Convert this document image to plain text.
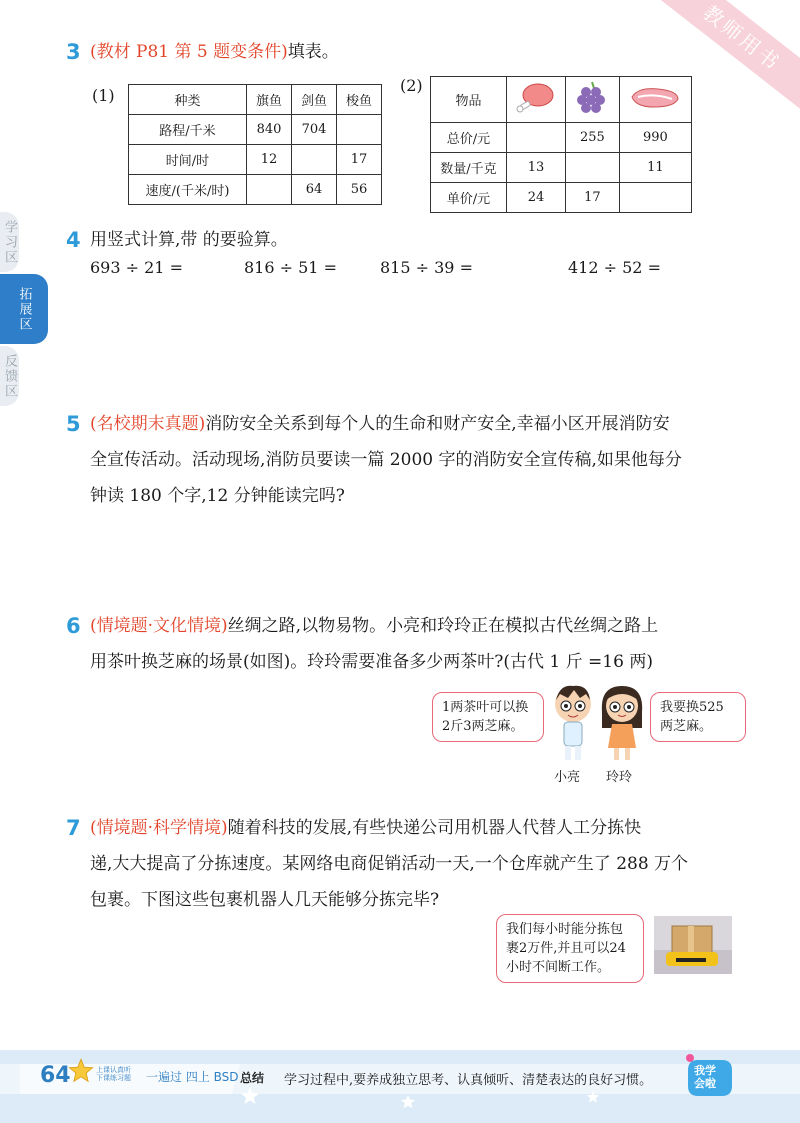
教师用书
学习区
拓展区
反馈区
3 (教材 P81 第 5 题变条件)填表。
(1)	种类	旗鱼	剑鱼	梭鱼
路程/千米	840	704	
时间/时	12		17
速度/(千米/时)		64	56
(2)
物品			
总价/元		255	990
数量/千克	13		11
单价/元	24	17	
4 用竖式计算,带 的要验算。
693 ÷ 21 =	816 ÷ 51 =	815 ÷ 39 =	412 ÷ 52 =
5 (名校期末真题)消防安全关系到每个人的生命和财产安全,幸福小区开展消防安
全宣传活动。活动现场,消防员要读一篇 2000 字的消防安全宣传稿,如果他每分
钟读 180 个字,12 分钟能读完吗?
6 (情境题·文化情境)丝绸之路,以物易物。小亮和玲玲正在模拟古代丝绸之路上
用茶叶换芝麻的场景(如图)。玲玲需要准备多少两茶叶?(古代 1 斤 =16 两)
1两茶叶可以换
2斤3两芝麻。
小亮 玲玲
我要换525
两芝麻。
7 (情境题·科学情境)随着科技的发展,有些快递公司用机器人代替人工分拣快
递,大大提高了分拣速度。某网络电商促销活动一天,一个仓库就产生了 288 万个
包裹。下图这些包裹机器人几天能够分拣完毕?
我们每小时能分拣包
裹2万件,并且可以24
小时不间断工作。
64	上课认真听
下课练习题 一遍过 四上 BSD 总结 学习过程中,要养成独立思考、认真倾听、清楚表达的良好习惯。
我学
会啦
